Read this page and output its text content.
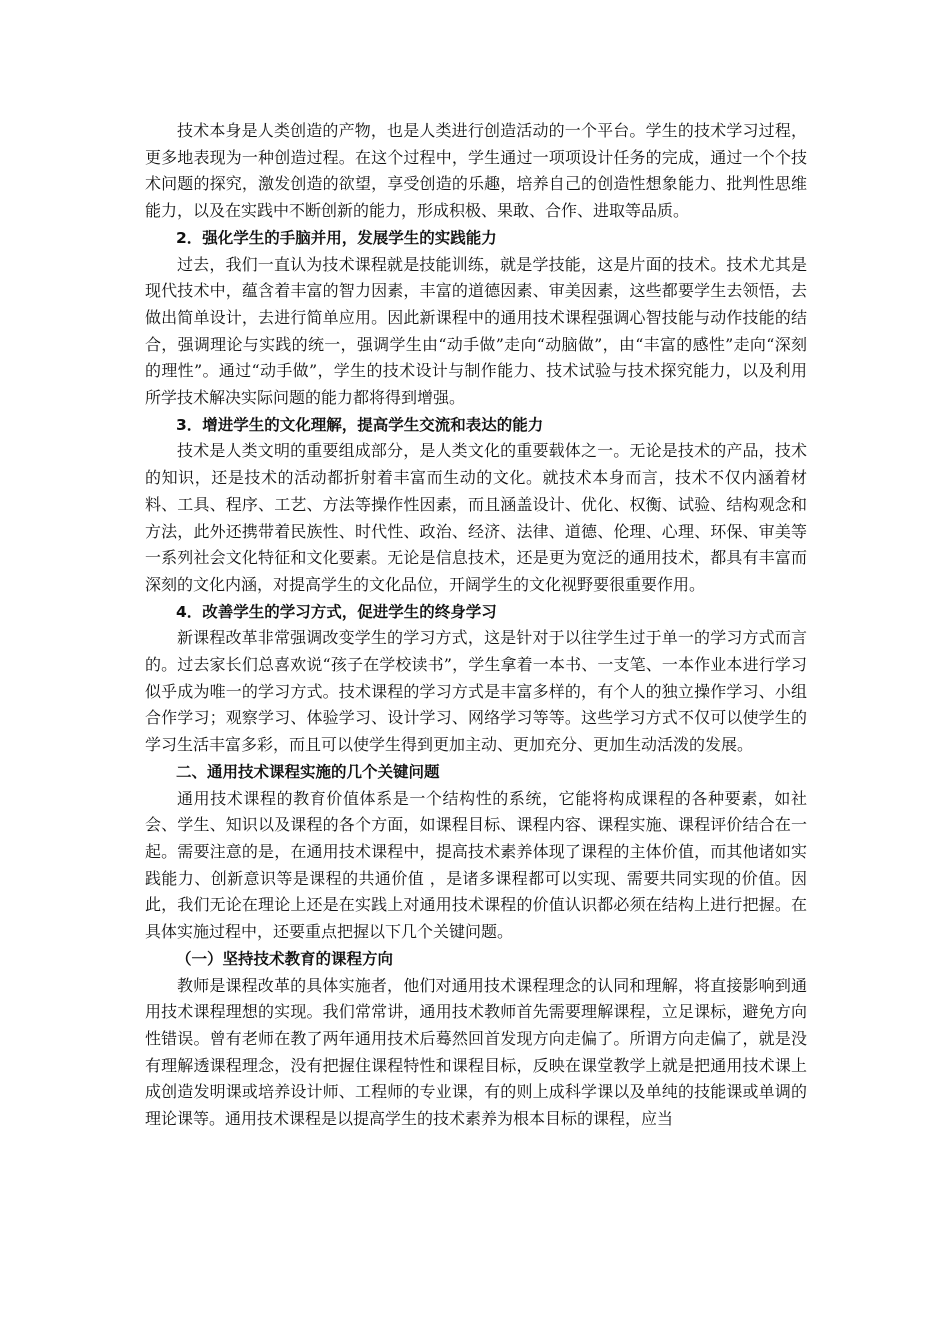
技术本身是人类创造的产物，也是人类进行创造活动的一个平台。学生的技术学习过程，更多地表现为一种创造过程。在这个过程中，学生通过一项项设计任务的完成，通过一个个技术问题的探究，激发创造的欲望，享受创造的乐趣，培养自己的创造性想象能力、批判性思维能力，以及在实践中不断创新的能力，形成积极、果敢、合作、进取等品质。

2．强化学生的手脑并用，发展学生的实践能力

过去，我们一直认为技术课程就是技能训练，就是学技能，这是片面的技术。技术尤其是现代技术中，蕴含着丰富的智力因素，丰富的道德因素、审美因素，这些都要学生去领悟，去做出简单设计，去进行简单应用。因此新课程中的通用技术课程强调心智技能与动作技能的结合，强调理论与实践的统一，强调学生由“动手做”走向“动脑做”，由“丰富的感性”走向“深刻的理性”。通过“动手做”，学生的技术设计与制作能力、技术试验与技术探究能力，以及利用所学技术解决实际问题的能力都将得到增强。

3．增进学生的文化理解，提高学生交流和表达的能力

技术是人类文明的重要组成部分，是人类文化的重要载体之一。无论是技术的产品，技术的知识，还是技术的活动都折射着丰富而生动的文化。就技术本身而言，技术不仅内涵着材料、工具、程序、工艺、方法等操作性因素，而且涵盖设计、优化、权衡、试验、结构观念和方法，此外还携带着民族性、时代性、政治、经济、法律、道德、伦理、心理、环保、审美等一系列社会文化特征和文化要素。无论是信息技术，还是更为宽泛的通用技术，都具有丰富而深刻的文化内涵，对提高学生的文化品位，开阔学生的文化视野要很重要作用。

4．改善学生的学习方式，促进学生的终身学习

新课程改革非常强调改变学生的学习方式，这是针对于以往学生过于单一的学习方式而言的。过去家长们总喜欢说“孩子在学校读书”，学生拿着一本书、一支笔、一本作业本进行学习似乎成为唯一的学习方式。技术课程的学习方式是丰富多样的，有个人的独立操作学习、小组合作学习；观察学习、体验学习、设计学习、网络学习等等。这些学习方式不仅可以使学生的学习生活丰富多彩，而且可以使学生得到更加主动、更加充分、更加生动活泼的发展。

二、通用技术课程实施的几个关键问题

通用技术课程的教育价值体系是一个结构性的系统，它能将构成课程的各种要素，如社会、学生、知识以及课程的各个方面，如课程目标、课程内容、课程实施、课程评价结合在一起。需要注意的是，在通用技术课程中，提高技术素养体现了课程的主体价值，而其他诸如实践能力、创新意识等是课程的共通价值 ，是诸多课程都可以实现、需要共同实现的价值。因此，我们无论在理论上还是在实践上对通用技术课程的价值认识都必须在结构上进行把握。在具体实施过程中，还要重点把握以下几个关键问题。

（一）坚持技术教育的课程方向

教师是课程改革的具体实施者，他们对通用技术课程理念的认同和理解，将直接影响到通用技术课程理想的实现。我们常常讲，通用技术教师首先需要理解课程，立足课标，避免方向性错误。曾有老师在教了两年通用技术后蓦然回首发现方向走偏了。所谓方向走偏了，就是没有理解透课程理念，没有把握住课程特性和课程目标，反映在课堂教学上就是把通用技术课上成创造发明课或培养设计师、工程师的专业课，有的则上成科学课以及单纯的技能课或单调的理论课等。通用技术课程是以提高学生的技术素养为根本目标的课程，应当
